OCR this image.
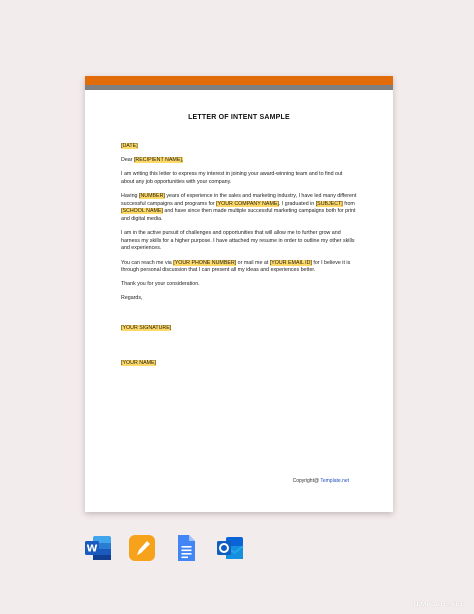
LETTER OF INTENT SAMPLE

[DATE]

Dear [RECIPIENT NAME],

I am writing this letter to express my interest in joining your award-winning team and to find out about any job opportunities with your company.

Having [NUMBER] years of experience in the sales and marketing industry, I have led many different successful campaigns and programs for [YOUR COMPANY NAME]. I graduated in [SUBJECT] from [SCHOOL NAME] and have since then made multiple successful marketing campaigns both for print and digital media.

I am in the active pursuit of challenges and opportunities that will allow me to further grow and harness my skills for a higher purpose. I have attached my resume in order to outline my other skills and experiences.

You can reach me via [YOUR PHONE NUMBER] or mail me at [YOUR EMAIL ID] for I believe it is through personal discussion that I can present all my ideas and experiences better.

Thank you for your consideration.

Regards,

[YOUR SIGNATURE]
[YOUR NAME]
Copyright@ Template.net
W
TEMPLATE.NET
